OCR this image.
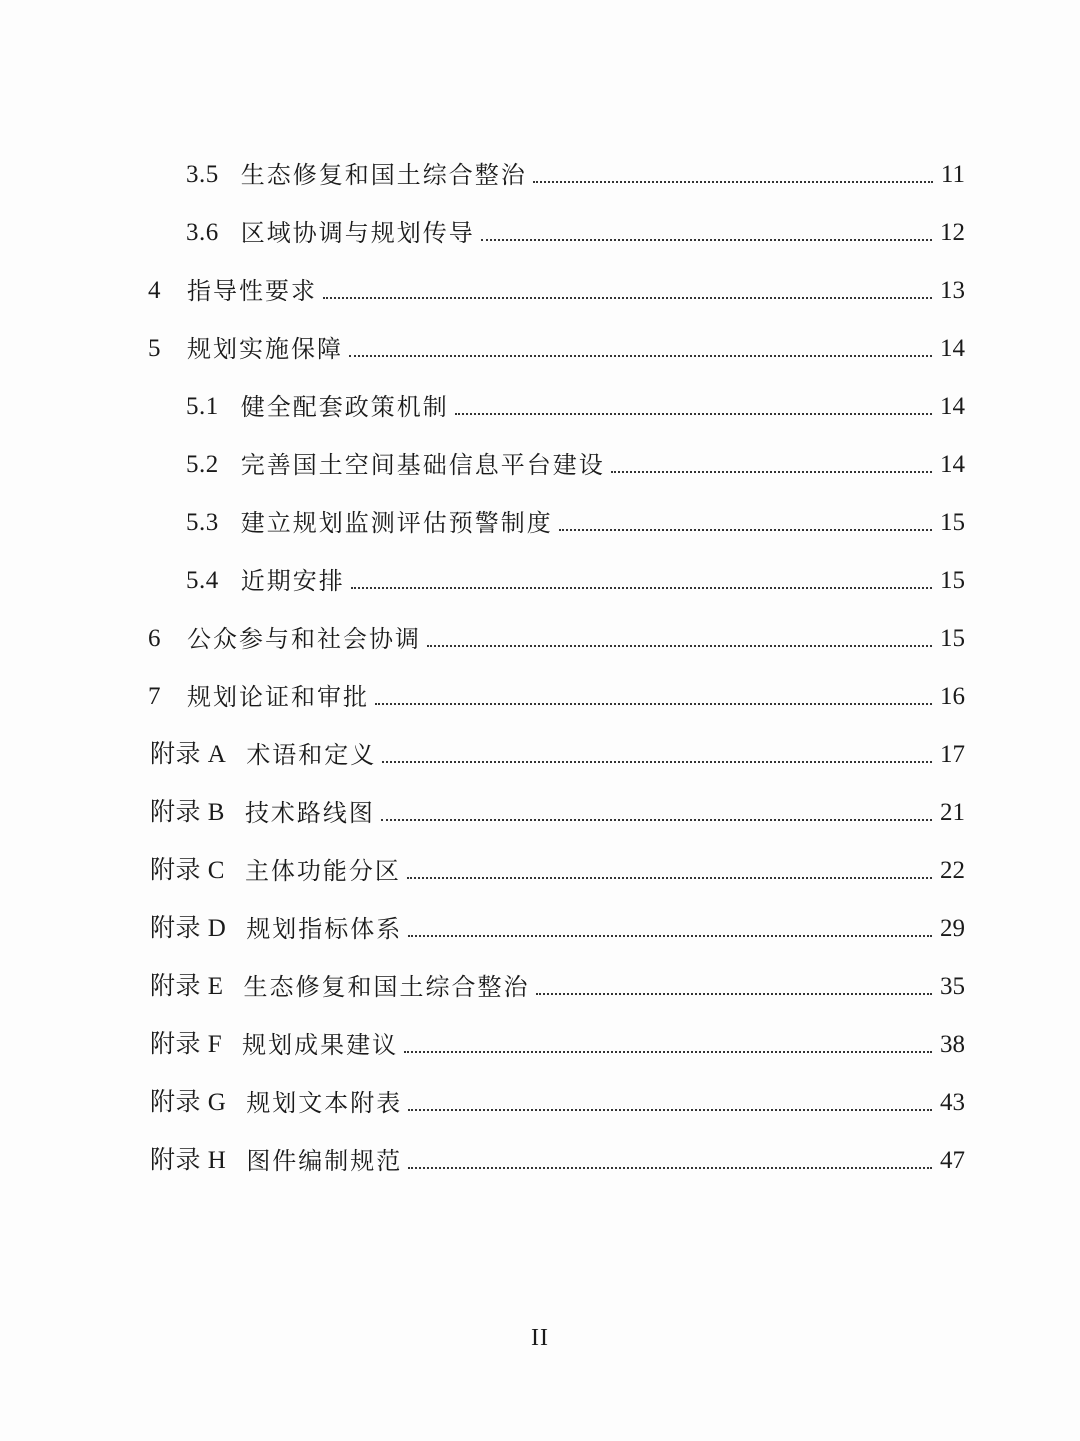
3.5 生态修复和国土综合整治	11
3.6 区域协调与规划传导	12
4 指导性要求	13
5 规划实施保障	14
5.1 健全配套政策机制	14
5.2 完善国土空间基础信息平台建设	14
5.3 建立规划监测评估预警制度	15
5.4 近期安排	15
6 公众参与和社会协调	15
7 规划论证和审批	16
附录 A 术语和定义	17
附录 B 技术路线图	21
附录 C 主体功能分区	22
附录 D 规划指标体系	29
附录 E 生态修复和国土综合整治	35
附录 F 规划成果建议	38
附录 G 规划文本附表	43
附录 H 图件编制规范	47
II
